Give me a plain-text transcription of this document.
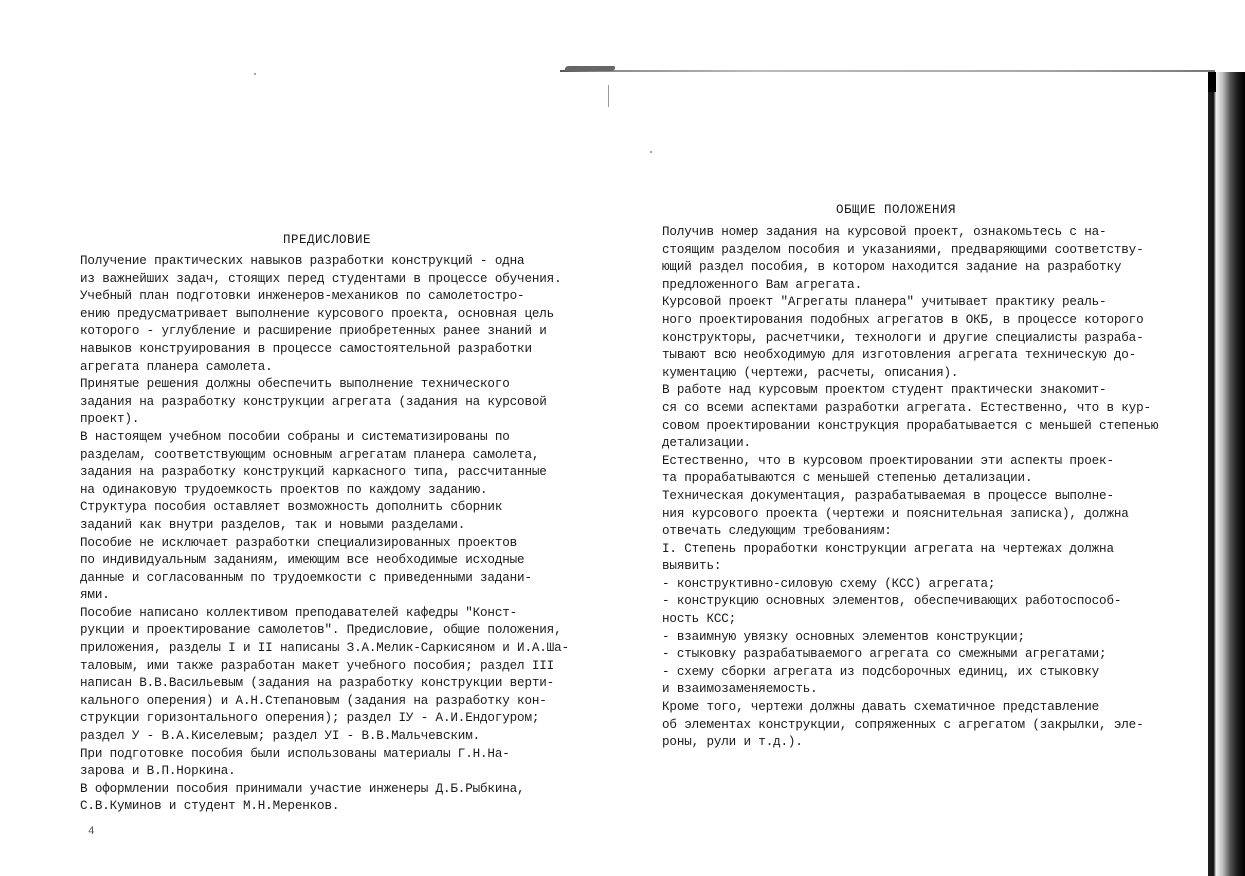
ПРЕДИСЛОВИЕ
Получение практических навыков разработки конструкций - одна
из важнейших задач, стоящих перед студентами в процессе обучения.
Учебный план подготовки инженеров-механиков по самолетостро-
ению предусматривает выполнение курсового проекта, основная цель
которого - углубление и расширение приобретенных ранее знаний и
навыков конструирования в процессе самостоятельной разработки
агрегата планера самолета.
Принятые решения должны обеспечить выполнение технического
задания на разработку конструкции агрегата (задания на курсовой
проект).
В настоящем учебном пособии собраны и систематизированы по
разделам, соответствующим основным агрегатам планера самолета,
задания на разработку конструкций каркасного типа, рассчитанные
на одинаковую трудоемкость проектов по каждому заданию.
Структура пособия оставляет возможность дополнить сборник
заданий как внутри разделов, так и новыми разделами.
Пособие не исключает разработки специализированных проектов
по индивидуальным заданиям, имеющим все необходимые исходные
данные и согласованным по трудоемкости с приведенными задани-
ями.
Пособие написано коллективом преподавателей кафедры "Конст-
рукции и проектирование самолетов". Предисловие, общие положения,
приложения, разделы I и II написаны З.А.Мелик-Саркисяном и И.А.Ша-
таловым, ими также разработан макет учебного пособия; раздел III
написан В.В.Васильевым (задания на разработку конструкции верти-
кального оперения) и А.Н.Степановым (задания на разработку кон-
струкции горизонтального оперения); раздел IУ - А.И.Ендогуром;
раздел У - В.А.Киселевым; раздел УI - В.В.Мальчевским.
При подготовке пособия были использованы материалы Г.Н.На-
зарова и В.П.Норкина.
В оформлении пособия принимали участие инженеры Д.Б.Рыбкина,
С.В.Куминов и студент М.Н.Меренков.
4
ОБЩИЕ ПОЛОЖЕНИЯ
Получив номер задания на курсовой проект, ознакомьтесь с на-
стоящим разделом пособия и указаниями, предваряющими соответству-
ющий раздел пособия, в котором находится задание на разработку
предложенного Вам агрегата.
Курсовой проект "Агрегаты планера" учитывает практику реаль-
ного проектирования подобных агрегатов в ОКБ, в процессе которого
конструкторы, расчетчики, технологи и другие специалисты разраба-
тывают всю необходимую для изготовления агрегата техническую до-
кументацию (чертежи, расчеты, описания).
В работе над курсовым проектом студент практически знакомит-
ся со всеми аспектами разработки агрегата. Естественно, что в кур-
совом проектировании конструкция прорабатывается с меньшей степенью
детализации.
Естественно, что в курсовом проектировании эти аспекты проек-
та прорабатываются с меньшей степенью детализации.
Техническая документация, разрабатываемая в процессе выполне-
ния курсового проекта (чертежи и пояснительная записка), должна
отвечать следующим требованиям:
I. Степень проработки конструкции агрегата на чертежах должна
выявить:
- конструктивно-силовую схему (КСС) агрегата;
- конструкцию основных элементов, обеспечивающих работоспособ-
ность КСС;
- взаимную увязку основных элементов конструкции;
- стыковку разрабатываемого агрегата со смежными агрегатами;
- схему сборки агрегата из подсборочных единиц, их стыковку
и взаимозаменяемость.
Кроме того, чертежи должны давать схематичное представление
об элементах конструкции, сопряженных с агрегатом (закрылки, эле-
роны, рули и т.д.).
